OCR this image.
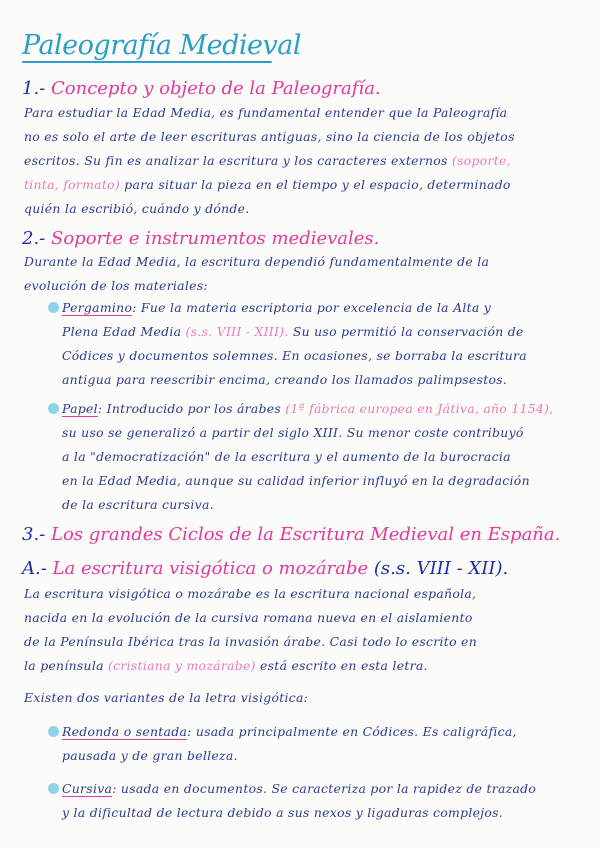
Paleografía Medieval
1.- Concepto y objeto de la Paleografía.
Para estudiar la Edad Media, es fundamental entender que la Paleografía
no es solo el arte de leer escrituras antiguas, sino la ciencia de los objetos
escritos. Su fin es analizar la escritura y los caracteres externos (soporte,
tinta, formato) para situar la pieza en el tiempo y el espacio, determinado
quién la escribió, cuándo y dónde.
2.- Soporte e instrumentos medievales.
Durante la Edad Media, la escritura dependió fundamentalmente de la
evolución de los materiales:
Pergamino: Fue la materia escriptoria por excelencia de la Alta y
Plena Edad Media (s.s. VIII - XIII). Su uso permitió la conservación de
Códices y documentos solemnes. En ocasiones, se borraba la escritura
antigua para reescribir encima, creando los llamados palimpsestos.
Papel: Introducido por los árabes (1ª fábrica europea en Játiva, año 1154),
su uso se generalizó a partir del siglo XIII. Su menor coste contribuyó
a la "democratización" de la escritura y el aumento de la burocracia
en la Edad Media, aunque su calidad inferior influyó en la degradación
de la escritura cursiva.
3.- Los grandes Ciclos de la Escritura Medieval en España.
A.- La escritura visigótica o mozárabe (s.s. VIII - XII).
La escritura visigótica o mozárabe es la escritura nacional española,
nacida en la evolución de la cursiva romana nueva en el aislamiento
de la Península Ibérica tras la invasión árabe. Casi todo lo escrito en
la península (cristiana y mozárabe) está escrito en esta letra.
Existen dos variantes de la letra visigótica:
Redonda o sentada: usada principalmente en Códices. Es caligráfica,
pausada y de gran belleza.
Cursiva: usada en documentos. Se caracteriza por la rapidez de trazado
y la dificultad de lectura debido a sus nexos y ligaduras complejos.
